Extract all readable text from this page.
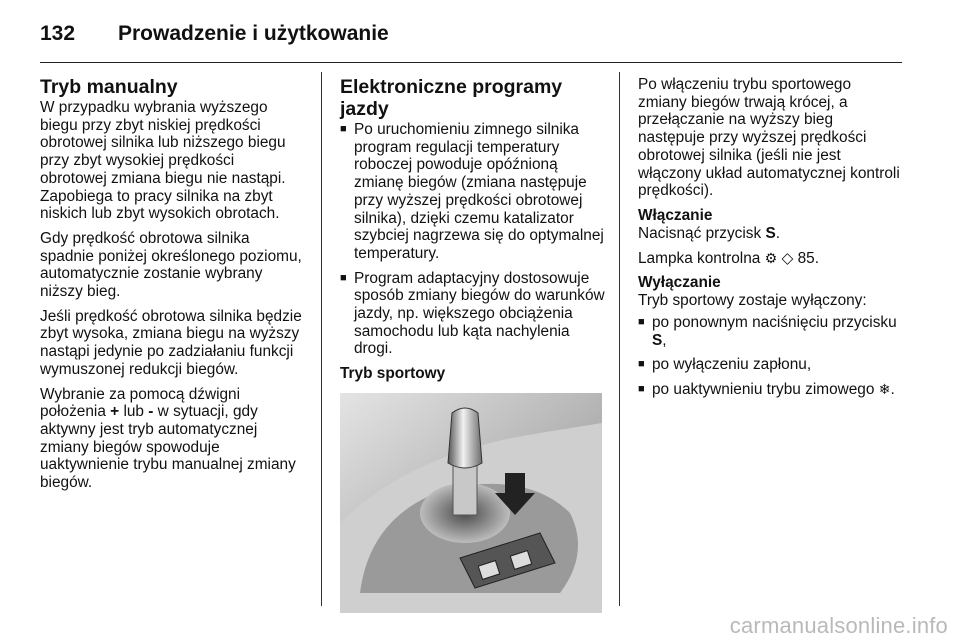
132	Prowadzenie i użytkowanie
Tryb manualny

W przypadku wybrania wyższego biegu przy zbyt niskiej prędkości obrotowej silnika lub niższego biegu przy zbyt wysokiej prędkości obrotowej zmiana biegu nie nastąpi. Zapobiega to pracy silnika na zbyt niskich lub zbyt wysokich obrotach.

Gdy prędkość obrotowa silnika spadnie poniżej określonego poziomu, automatycznie zostanie wybrany niższy bieg.

Jeśli prędkość obrotowa silnika będzie zbyt wysoka, zmiana biegu na wyższy nastąpi jedynie po zadziałaniu funkcji wymuszonej redukcji biegów.

Wybranie za pomocą dźwigni położenia + lub - w sytuacji, gdy aktywny jest tryb automatycznej zmiany biegów spowoduje uaktywnienie trybu manualnej zmiany biegów.

Elektroniczne programy jazdy
■ Po uruchomieniu zimnego silnika program regulacji temperatury roboczej powoduje opóźnioną zmianę biegów (zmiana następuje przy wyższej prędkości obrotowej silnika), dzięki czemu katalizator szybciej nagrzewa się do optymalnej temperatury.
■ Program adaptacyjny dostosowuje sposób zmiany biegów do warunków jazdy, np. większego obciążenia samochodu lub kąta nachylenia drogi.
Tryb sportowy

Po włączeniu trybu sportowego zmiany biegów trwają krócej, a przełączanie na wyższy bieg następuje przy wyższej prędkości obrotowej silnika (jeśli nie jest włączony układ automatycznej kontroli prędkości).

Włączanie

Nacisnąć przycisk S.

Lampka kontrolna ⚙ ◇ 85.

Wyłączanie

Tryb sportowy zostaje wyłączony:

■ po ponownym naciśnięciu przycisku S,
■ po wyłączeniu zapłonu,
■ po uaktywnieniu trybu zimowego ❄.
carmanualsonline.info
